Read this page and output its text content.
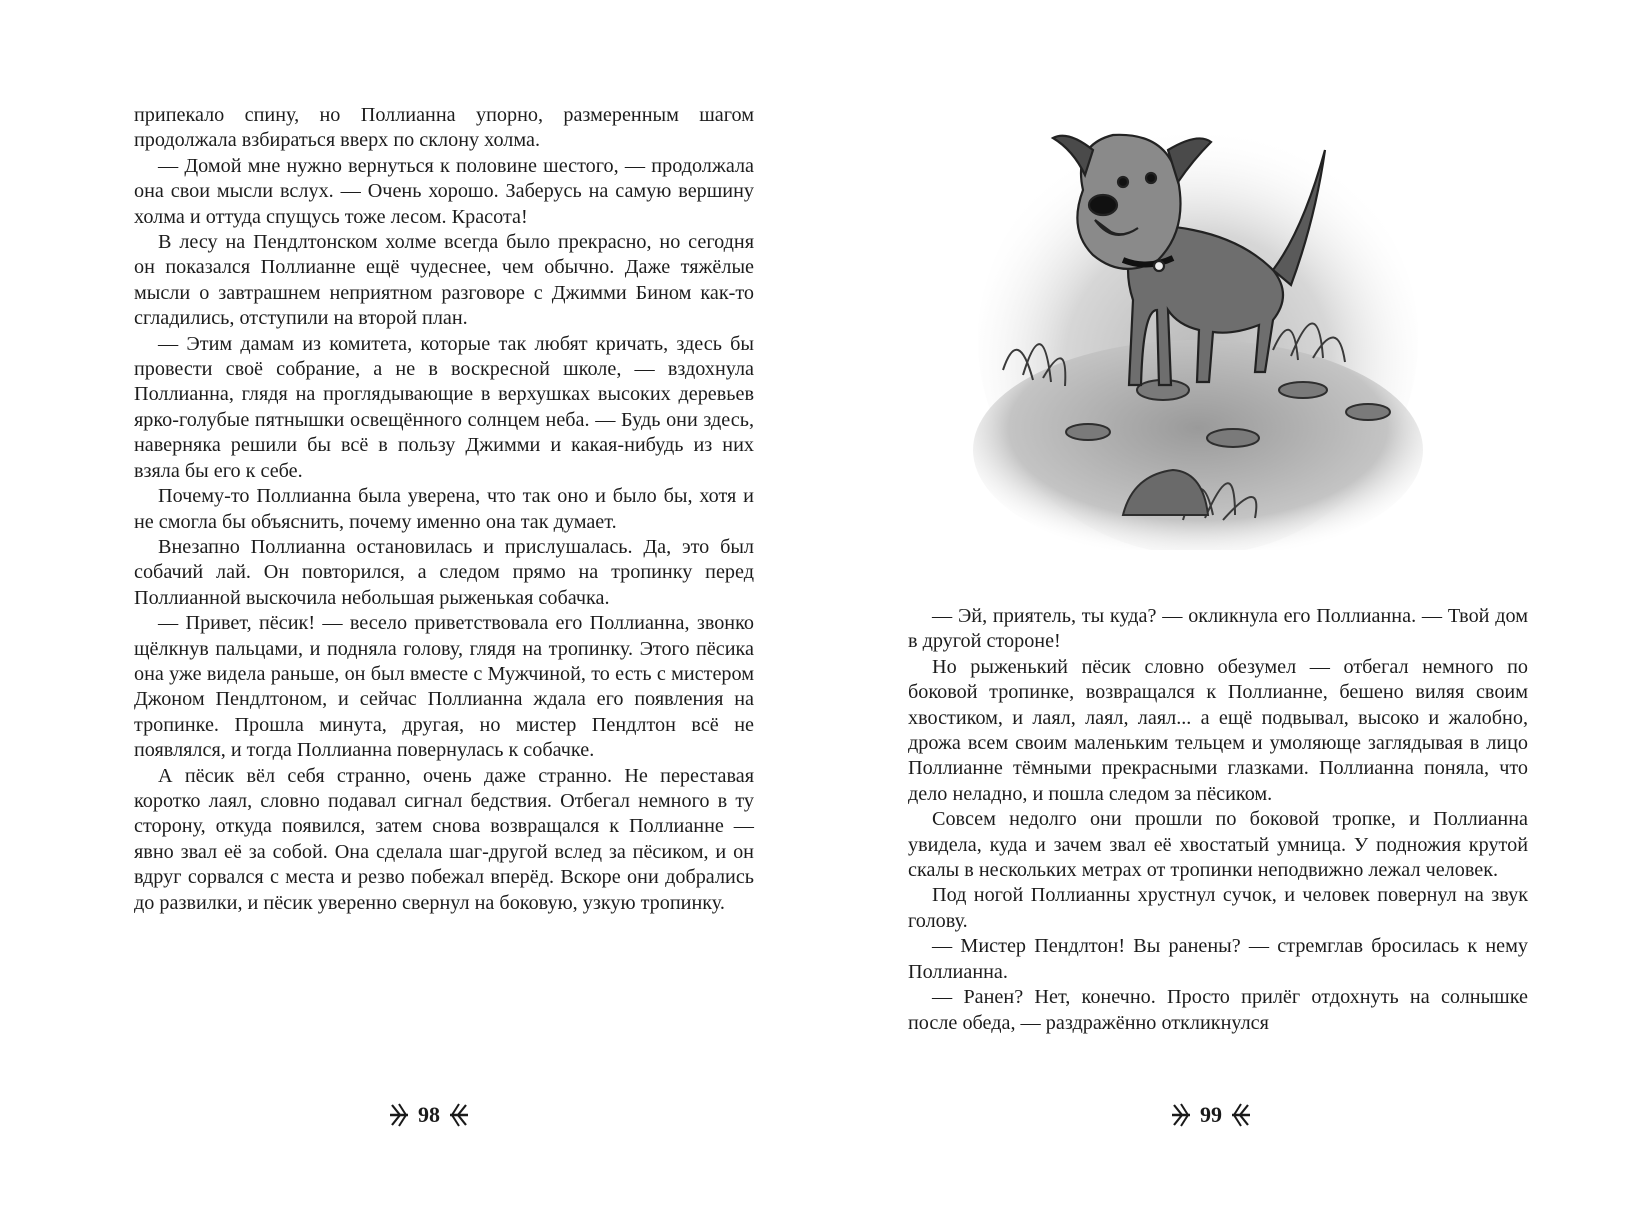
припекало спину, но Поллианна упорно, размеренным шагом продолжала взбираться вверх по склону холма.

— Домой мне нужно вернуться к половине шестого, — продолжала она свои мысли вслух. — Очень хорошо. Заберусь на самую вершину холма и оттуда спущусь тоже лесом. Красота!

В лесу на Пендлтонском холме всегда было прекрасно, но сегодня он показался Поллианне ещё чудеснее, чем обычно. Даже тяжёлые мысли о завтрашнем неприятном разговоре с Джимми Бином как-то сгладились, отступили на второй план.

— Этим дамам из комитета, которые так любят кричать, здесь бы провести своё собрание, а не в воскресной школе, — вздохнула Поллианна, глядя на проглядывающие в верхушках высоких деревьев ярко-голубые пятнышки освещённого солнцем неба. — Будь они здесь, наверняка решили бы всё в пользу Джимми и какая-нибудь из них взяла бы его к себе.

Почему-то Поллианна была уверена, что так оно и было бы, хотя и не смогла бы объяснить, почему именно она так думает.

Внезапно Поллианна остановилась и прислушалась. Да, это был собачий лай. Он повторился, а следом прямо на тропинку перед Поллианной выскочила небольшая рыженькая собачка.

— Привет, пёсик! — весело приветствовала его Поллианна, звонко щёлкнув пальцами, и подняла голову, глядя на тропинку. Этого пёсика она уже видела раньше, он был вместе с Мужчиной, то есть с мистером Джоном Пендлтоном, и сейчас Поллианна ждала его появления на тропинке. Прошла минута, другая, но мистер Пендлтон всё не появлялся, и тогда Поллианна повернулась к собачке.

А пёсик вёл себя странно, очень даже странно. Не переставая коротко лаял, словно подавал сигнал бедствия. Отбегал немного в ту сторону, откуда появился, затем снова возвращался к Поллианне — явно звал её за собой. Она сделала шаг-другой вслед за пёсиком, и он вдруг сорвался с места и резво побежал вперёд. Вскоре они добрались до развилки, и пёсик уверенно свернул на боковую, узкую тропинку.

98

— Эй, приятель, ты куда? — окликнула его Поллианна. — Твой дом в другой стороне!

Но рыженький пёсик словно обезумел — отбегал немного по боковой тропинке, возвращался к Поллианне, бешено виляя своим хвостиком, и лаял, лаял, лаял... а ещё подвывал, высоко и жалобно, дрожа всем своим маленьким тельцем и умоляюще заглядывая в лицо Поллианне тёмными прекрасными глазками. Поллианна поняла, что дело неладно, и пошла следом за пёсиком.

Совсем недолго они прошли по боковой тропке, и Поллианна увидела, куда и зачем звал её хвостатый умница. У подножия крутой скалы в нескольких метрах от тропинки неподвижно лежал человек.

Под ногой Поллианны хрустнул сучок, и человек повернул на звук голову.

— Мистер Пендлтон! Вы ранены? — стремглав бросилась к нему Поллианна.

— Ранен? Нет, конечно. Просто прилёг отдохнуть на солнышке после обеда, — раздражённо откликнулся

99
